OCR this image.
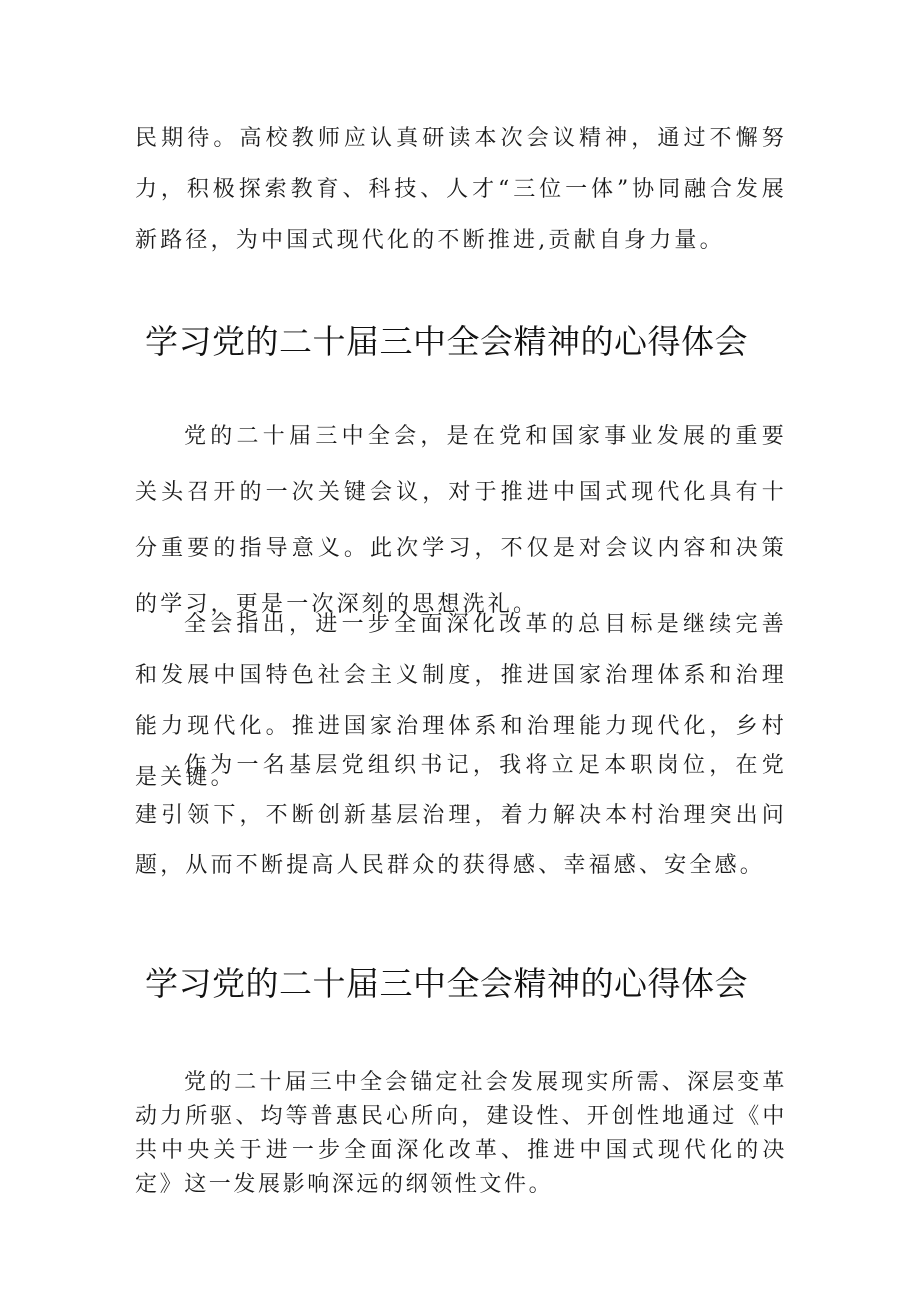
民期待。高校教师应认真研读本次会议精神，通过不懈努力，积极探索教育、科技、人才“三位一体”协同融合发展新路径，为中国式现代化的不断推进,贡献自身力量。

学习党的二十届三中全会精神的心得体会

党的二十届三中全会，是在党和国家事业发展的重要关头召开的一次关键会议，对于推进中国式现代化具有十分重要的指导意义。此次学习，不仅是对会议内容和决策的学习，更是一次深刻的思想洗礼。

全会指出，进一步全面深化改革的总目标是继续完善和发展中国特色社会主义制度，推进国家治理体系和治理能力现代化。推进国家治理体系和治理能力现代化，乡村是关键。

作为一名基层党组织书记，我将立足本职岗位，在党建引领下，不断创新基层治理，着力解决本村治理突出问题，从而不断提高人民群众的获得感、幸福感、安全感。

学习党的二十届三中全会精神的心得体会

党的二十届三中全会锚定社会发展现实所需、深层变革动力所驱、均等普惠民心所向，建设性、开创性地通过《中共中央关于进一步全面深化改革、推进中国式现代化的决定》这一发展影响深远的纲领性文件。
